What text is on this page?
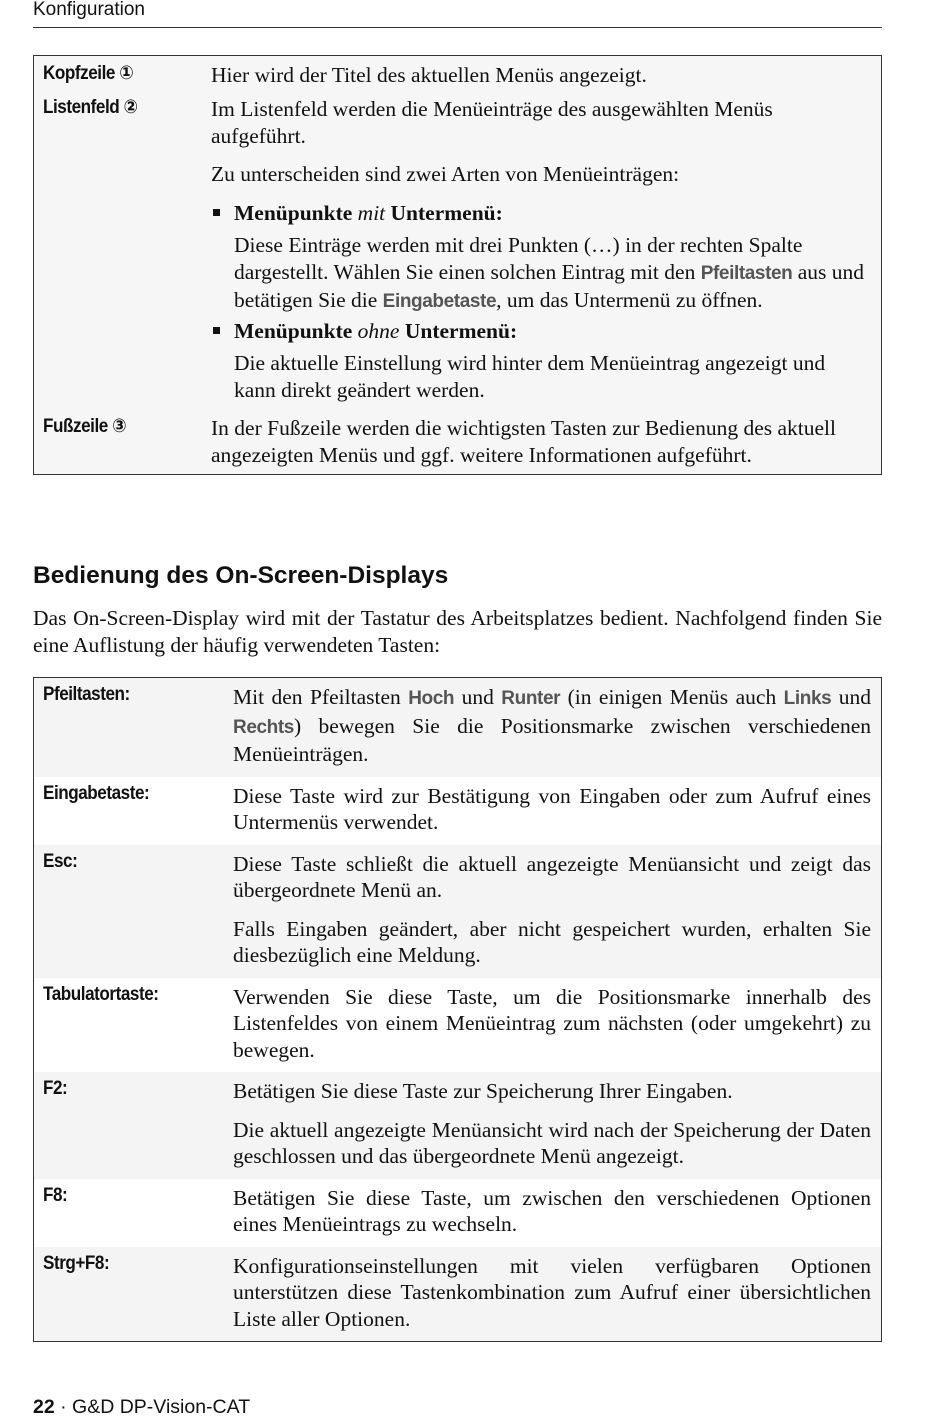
Konfiguration
Kopfzeile ①	Hier wird der Titel des aktuellen Menüs angezeigt.

Listenfeld ②	Im Listenfeld werden die Menüeinträge des ausgewählten Menüs aufgeführt.

Zu unterscheiden sind zwei Arten von Menüeinträgen:

Menüpunkte mit Untermenü:
Diese Einträge werden mit drei Punkten (…) in der rechten Spalte dargestellt. Wählen Sie einen solchen Eintrag mit den Pfeiltasten aus und betätigen Sie die Eingabetaste, um das Untermenü zu öffnen.
Menüpunkte ohne Untermenü:
Die aktuelle Einstellung wird hinter dem Menüeintrag angezeigt und kann direkt geändert werden.
Fußzeile ③	In der Fußzeile werden die wichtigsten Tasten zur Bedienung des aktuell angezeigten Menüs und ggf. weitere Informationen aufgeführt.

Bedienung des On-Screen-Displays
Das On-Screen-Display wird mit der Tastatur des Arbeitsplatzes bedient. Nachfolgend finden Sie eine Auflistung der häufig verwendeten Tasten:
Pfeiltasten:	Mit den Pfeiltasten Hoch und Runter (in einigen Menüs auch Links und Rechts) bewegen Sie die Positionsmarke zwischen verschiedenen Menüeinträgen.

Eingabetaste:	Diese Taste wird zur Bestätigung von Eingaben oder zum Aufruf eines Untermenüs verwendet.

Esc:	Diese Taste schließt die aktuell angezeigte Menüansicht und zeigt das übergeordnete Menü an.

Falls Eingaben geändert, aber nicht gespeichert wurden, erhalten Sie diesbezüglich eine Meldung.

Tabulatortaste:	Verwenden Sie diese Taste, um die Positionsmarke innerhalb des Listenfeldes von einem Menüeintrag zum nächsten (oder umgekehrt) zu bewegen.

F2:	Betätigen Sie diese Taste zur Speicherung Ihrer Eingaben.

Die aktuell angezeigte Menüansicht wird nach der Speicherung der Daten geschlossen und das übergeordnete Menü angezeigt.

F8:	Betätigen Sie diese Taste, um zwischen den verschiedenen Optionen eines Menüeintrags zu wechseln.

Strg+F8:	Konfigurationseinstellungen mit vielen verfügbaren Optionen unterstützen diese Tastenkombination zum Aufruf einer übersichtlichen Liste aller Optionen.

22 · G&D DP-Vision-CAT
